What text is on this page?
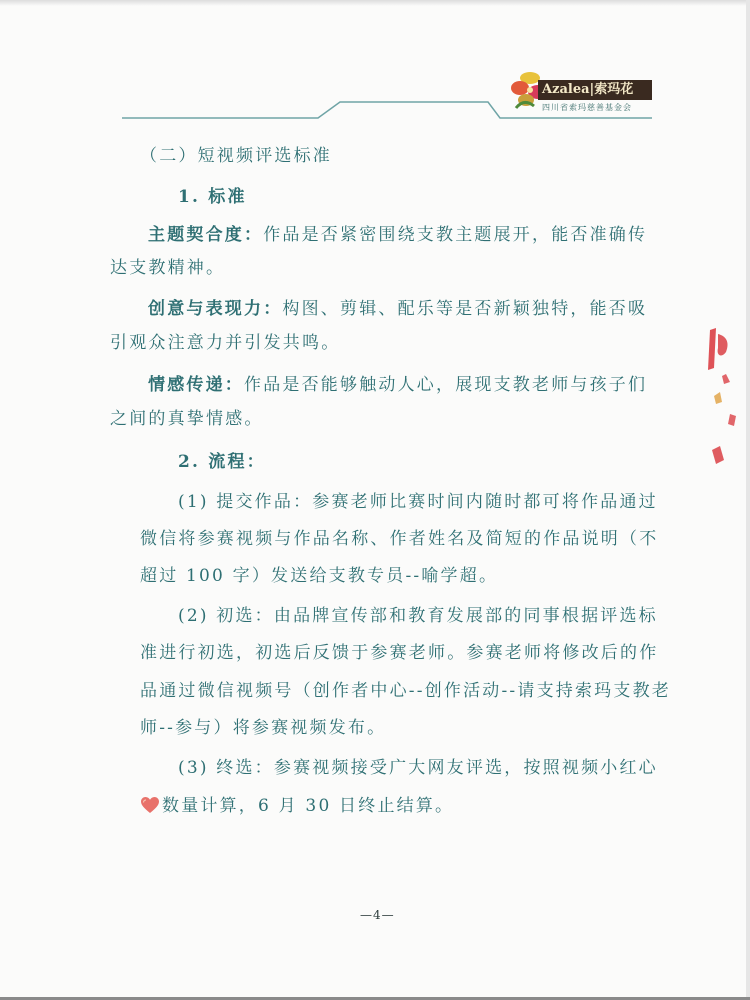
Azalea|索玛花
四川省索玛慈善基金会
（二）短视频评选标准
1. 标准
主题契合度：作品是否紧密围绕支教主题展开，能否准确传
达支教精神。
创意与表现力：构图、剪辑、配乐等是否新颖独特，能否吸
引观众注意力并引发共鸣。
情感传递：作品是否能够触动人心，展现支教老师与孩子们
之间的真挚情感。
2. 流程：
(1) 提交作品：参赛老师比赛时间内随时都可将作品通过
微信将参赛视频与作品名称、作者姓名及简短的作品说明（不
超过 100 字）发送给支教专员--喻学超。
(2) 初选：由品牌宣传部和教育发展部的同事根据评选标
准进行初选，初选后反馈于参赛老师。参赛老师将修改后的作
品通过微信视频号（创作者中心--创作活动--请支持索玛支教老
师--参与）将参赛视频发布。
(3) 终选：参赛视频接受广大网友评选，按照视频小红心
数量计算，6 月 30 日终止结算。
—4—
